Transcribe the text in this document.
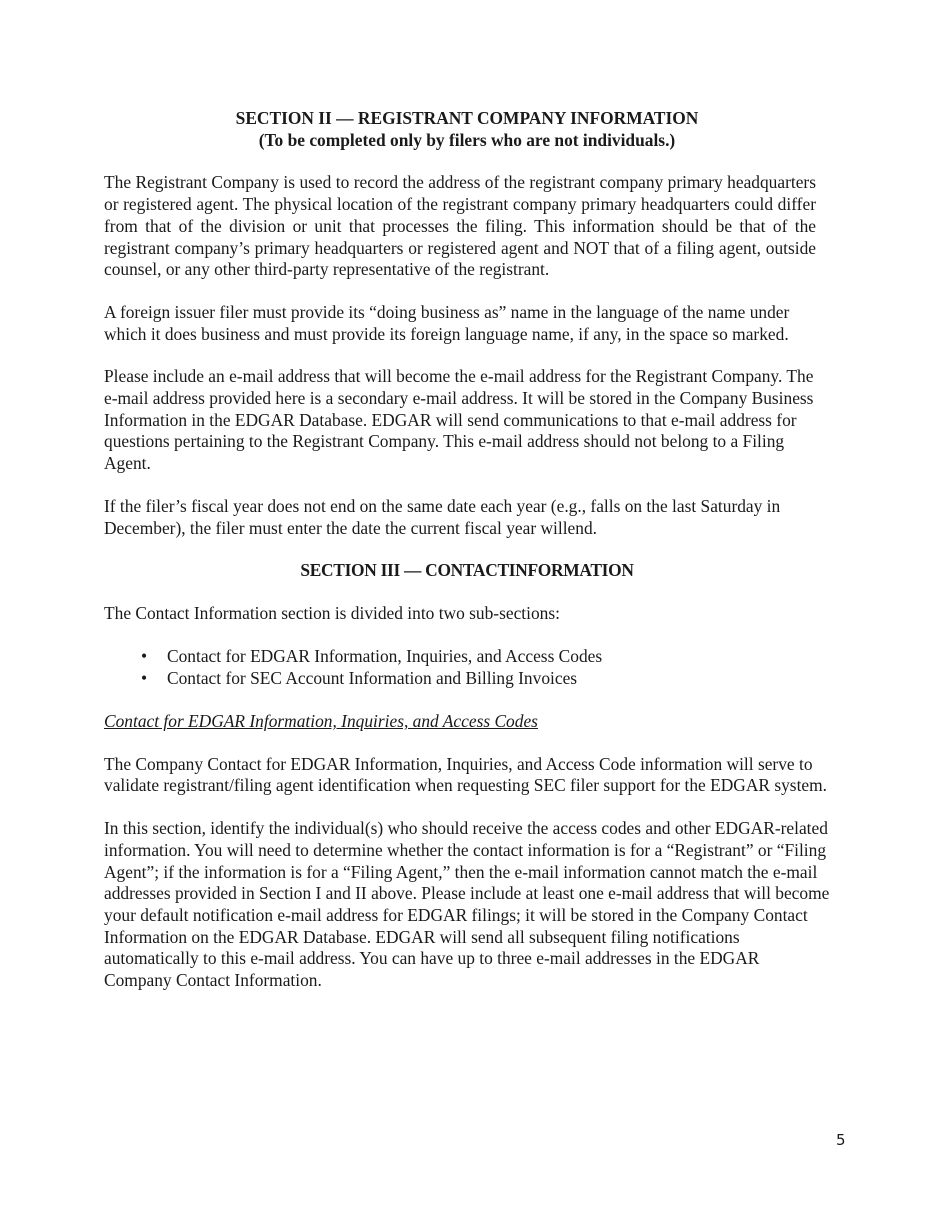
SECTION II — REGISTRANT COMPANY INFORMATION
(To be completed only by filers who are not individuals.)

The Registrant Company is used to record the address of the registrant company primary headquarters or registered agent. The physical location of the registrant company primary headquarters could differ from that of the division or unit that processes the filing. This information should be that of the registrant company’s primary headquarters or registered agent and NOT that of a filing agent, outside counsel, or any other third-party representative of the registrant.

A foreign issuer filer must provide its “doing business as” name in the language of the name under which it does business and must provide its foreign language name, if any, in the space so marked.

Please include an e-mail address that will become the e-mail address for the Registrant Company. The e-mail address provided here is a secondary e-mail address. It will be stored in the Company Business Information in the EDGAR Database. EDGAR will send communications to that e-mail address for questions pertaining to the Registrant Company. This e-mail address should not belong to a Filing Agent.

If the filer’s fiscal year does not end on the same date each year (e.g., falls on the last Saturday in December), the filer must enter the date the current fiscal year willend.

SECTION III — CONTACTINFORMATION

The Contact Information section is divided into two sub-sections:

• Contact for EDGAR Information, Inquiries, and Access Codes
• Contact for SEC Account Information and Billing Invoices
Contact for EDGAR Information, Inquiries, and Access Codes

The Company Contact for EDGAR Information, Inquiries, and Access Code information will serve to validate registrant/filing agent identification when requesting SEC filer support for the EDGAR system.

In this section, identify the individual(s) who should receive the access codes and other EDGAR-related information. You will need to determine whether the contact information is for a “Registrant” or “Filing Agent”; if the information is for a “Filing Agent,” then the e-mail information cannot match the e-mail addresses provided in Section I and II above. Please include at least one e-mail address that will become your default notification e-mail address for EDGAR filings; it will be stored in the Company Contact Information on the EDGAR Database. EDGAR will send all subsequent filing notifications automatically to this e-mail address. You can have up to three e-mail addresses in the EDGAR Company Contact Information.

5
